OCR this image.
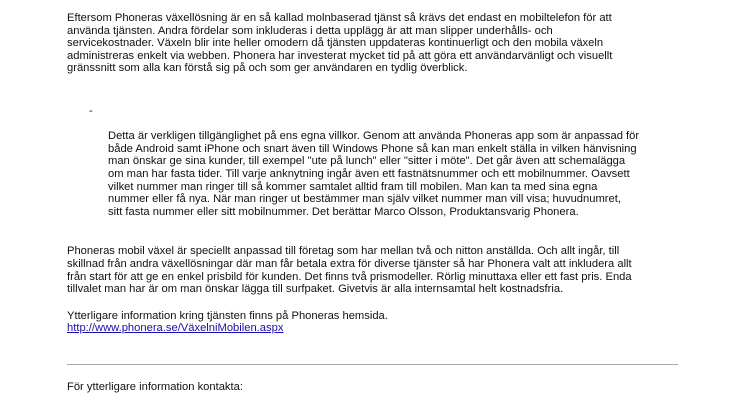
Eftersom Phoneras växellösning är en så kallad molnbaserad tjänst så krävs det endast en mobiltelefon för att
använda tjänsten. Andra fördelar som inkluderas i detta upplägg är att man slipper underhålls- och
servicekostnader. Växeln blir inte heller omodern då tjänsten uppdateras kontinuerligt och den mobila växeln
administreras enkelt via webben. Phonera har investerat mycket tid på att göra ett användarvänligt och visuellt
gränssnitt som alla kan förstå sig på och som ger användaren en tydlig överblick.

-

Detta är verkligen tillgänglighet på ens egna villkor. Genom att använda Phoneras app som är anpassad för
både Android samt iPhone och snart även till Windows Phone så kan man enkelt ställa in vilken hänvisning
man önskar ge sina kunder, till exempel "ute på lunch" eller "sitter i möte". Det går även att schemalägga
om man har fasta tider. Till varje anknytning ingår även ett fastnätsnummer och ett mobilnummer. Oavsett
vilket nummer man ringer till så kommer samtalet alltid fram till mobilen. Man kan ta med sina egna
nummer eller få nya. När man ringer ut bestämmer man själv vilket nummer man vill visa; huvudnumret,
sitt fasta nummer eller sitt mobilnummer. Det berättar Marco Olsson, Produktansvarig Phonera.

Phoneras mobil växel är speciellt anpassad till företag som har mellan två och nitton anställda. Och allt ingår, till
skillnad från andra växellösningar där man får betala extra för diverse tjänster så har Phonera valt att inkludera allt
från start för att ge en enkel prisbild för kunden. Det finns två prismodeller. Rörlig minuttaxa eller ett fast pris. Enda
tillvalet man har är om man önskar lägga till surfpaket. Givetvis är alla internsamtal helt kostnadsfria.

Ytterligare information kring tjänsten finns på Phoneras hemsida.
http://www.phonera.se/VäxelniMobilen.aspx
För ytterligare information kontakta:
